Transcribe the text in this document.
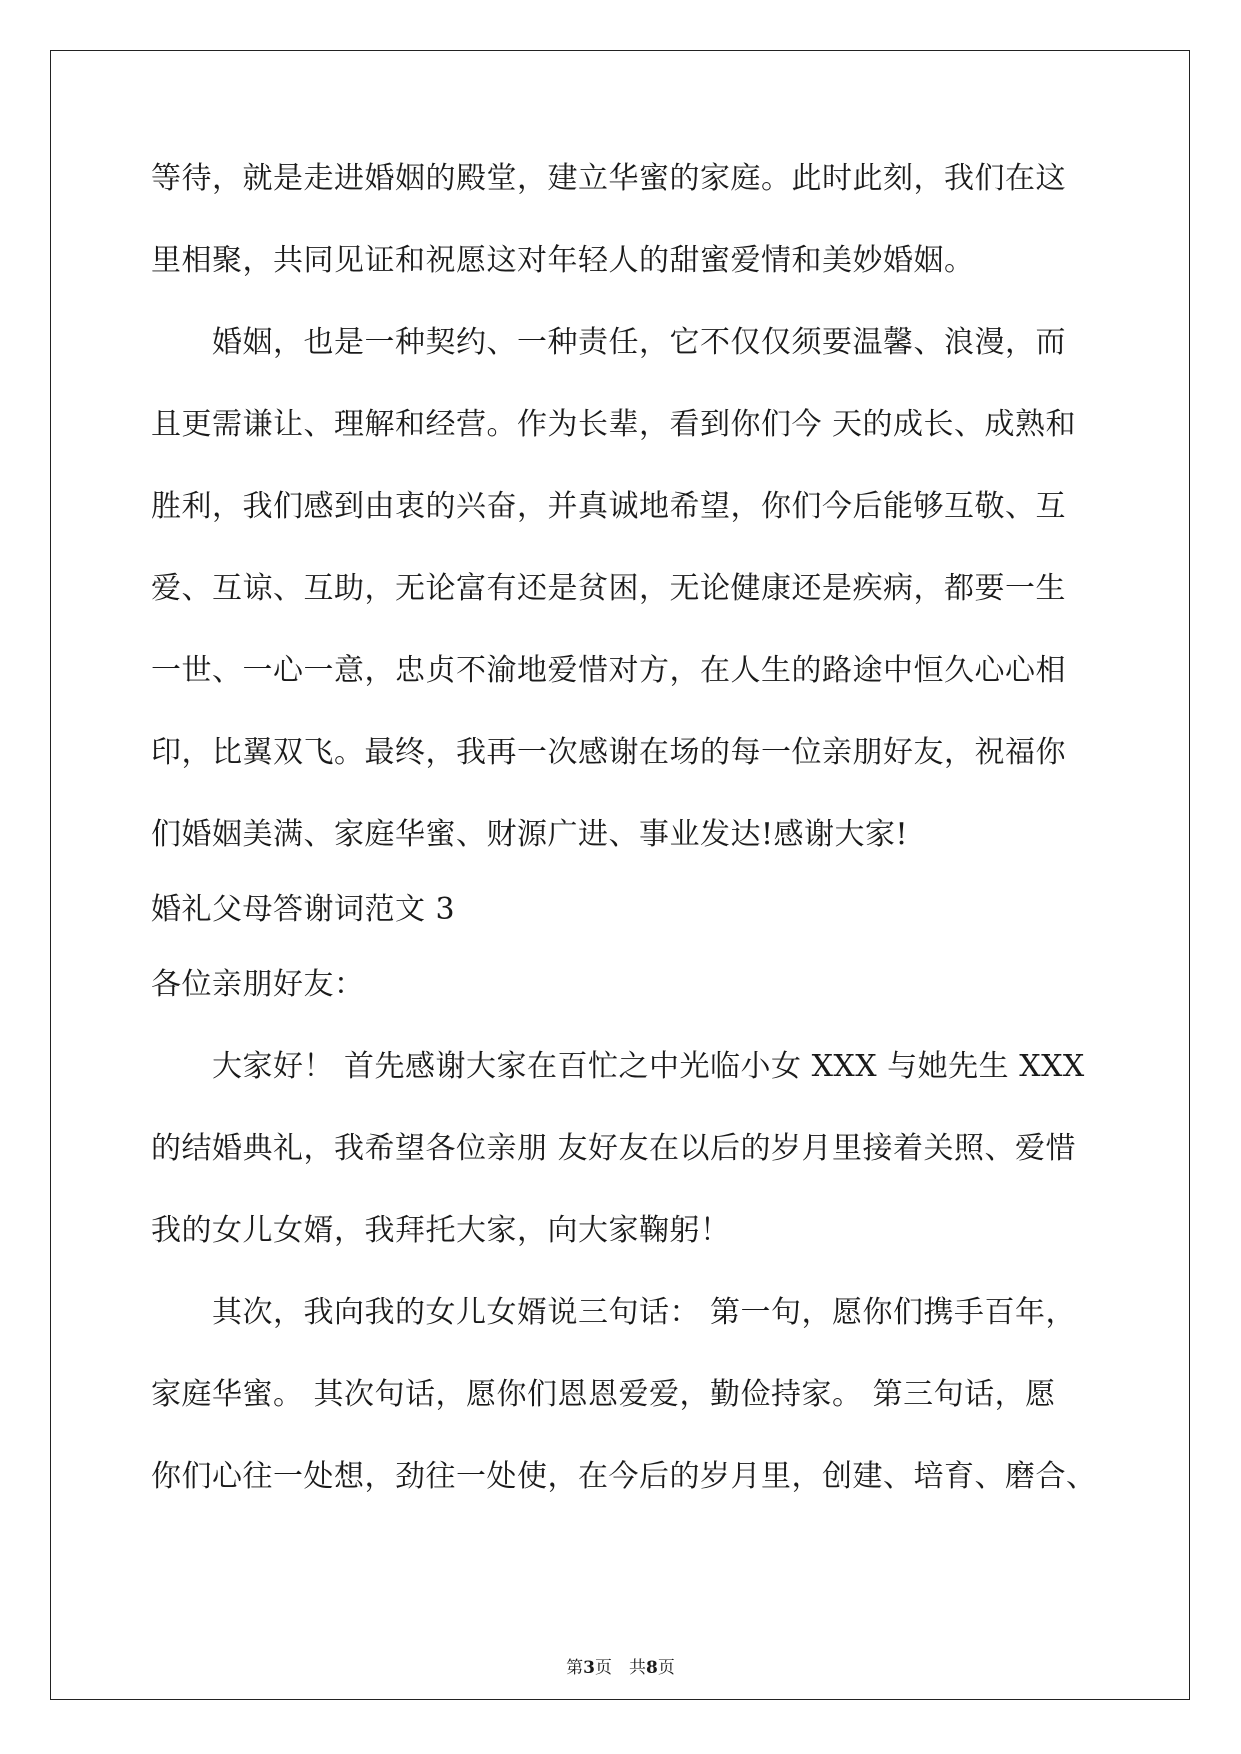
等待，就是走进婚姻的殿堂，建立华蜜的家庭。此时此刻，我们在这
里相聚，共同见证和祝愿这对年轻人的甜蜜爱情和美妙婚姻。
　　婚姻，也是一种契约、一种责任，它不仅仅须要温馨、浪漫，而
且更需谦让、理解和经营。作为长辈，看到你们今 天的成长、成熟和
胜利，我们感到由衷的兴奋，并真诚地希望，你们今后能够互敬、互
爱、互谅、互助，无论富有还是贫困，无论健康还是疾病，都要一生
一世、一心一意，忠贞不渝地爱惜对方，在人生的路途中恒久心心相
印，比翼双飞。最终，我再一次感谢在场的每一位亲朋好友，祝福你
们婚姻美满、家庭华蜜、财源广进、事业发达!感谢大家!
婚礼父母答谢词范文 3
各位亲朋好友：
　　大家好！ 首先感谢大家在百忙之中光临小女 XXX 与她先生 XXX
的结婚典礼，我希望各位亲朋 友好友在以后的岁月里接着关照、爱惜
我的女儿女婿，我拜托大家，向大家鞠躬！
　　其次，我向我的女儿女婿说三句话： 第一句，愿你们携手百年，
家庭华蜜。 其次句话，愿你们恩恩爱爱，勤俭持家。 第三句话，愿
你们心往一处想，劲往一处使，在今后的岁月里，创建、培育、磨合、
第3页　共8页
